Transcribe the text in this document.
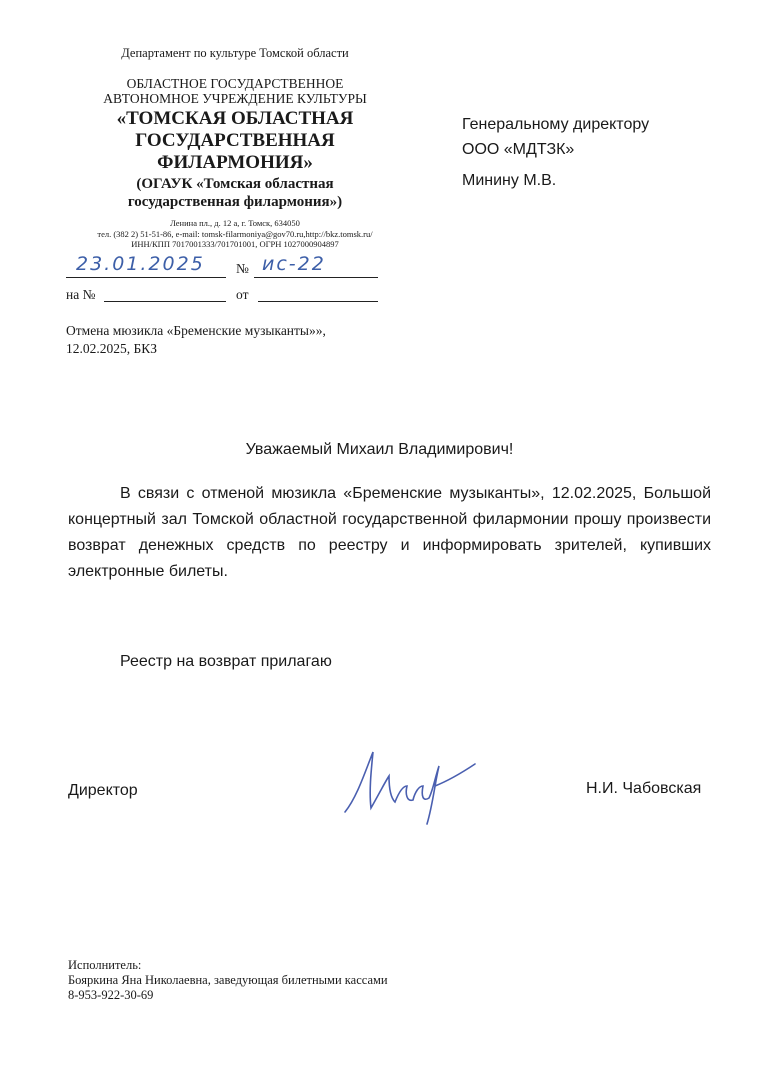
Департамент по культуре Томской области
ОБЛАСТНОЕ ГОСУДАРСТВЕННОЕ
АВТОНОМНОЕ УЧРЕЖДЕНИЕ КУЛЬТУРЫ
«ТОМСКАЯ ОБЛАСТНАЯ
ГОСУДАРСТВЕННАЯ
ФИЛАРМОНИЯ»
(ОГАУК «Томская областная
государственная филармония»)
Ленина пл., д. 12 а, г. Томск, 634050
тел. (382 2) 51-51-86, e-mail: tomsk-filarmoniya@gov70.ru,http://bkz.tomsk.ru/
ИНН/КПП 7017001333/701701001, ОГРН 1027000904897
23.01.2025 № ис-22
на №	от
Отмена мюзикла «Бременские музыканты»»,
12.02.2025, БКЗ
Генеральному директору
ООО «МДТЗК»
Минину М.В.
Уважаемый Михаил Владимирович!
В связи с отменой мюзикла «Бременские музыканты», 12.02.2025, Большой концертный зал Томской областной государственной филармонии прошу произвести возврат денежных средств по реестру и информировать зрителей, купивших электронные билеты.
Реестр на возврат прилагаю
Директор	Н.И. Чабовская
Исполнитель:
Бояркина Яна Николаевна, заведующая билетными кассами
8-953-922-30-69
